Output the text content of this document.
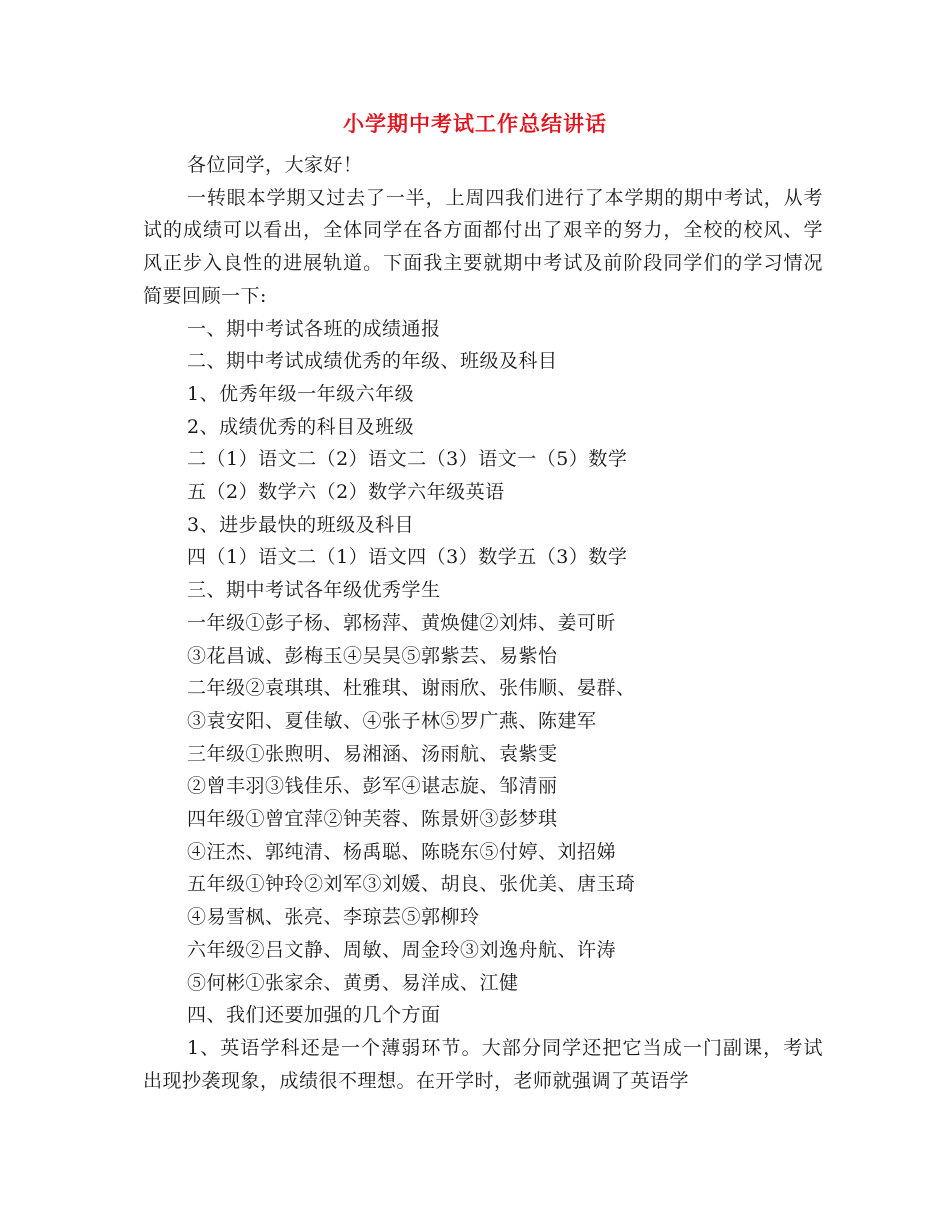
小学期中考试工作总结讲话

各位同学，大家好！

一转眼本学期又过去了一半，上周四我们进行了本学期的期中考试，从考试的成绩可以看出，全体同学在各方面都付出了艰辛的努力，全校的校风、学风正步入良性的进展轨道。下面我主要就期中考试及前阶段同学们的学习情况简要回顾一下:

一、期中考试各班的成绩通报

二、期中考试成绩优秀的年级、班级及科目

1、优秀年级一年级六年级

2、成绩优秀的科目及班级

二（1）语文二（2）语文二（3）语文一（5）数学

五（2）数学六（2）数学六年级英语

3、进步最快的班级及科目

四（1）语文二（1）语文四（3）数学五（3）数学

三、期中考试各年级优秀学生

一年级①彭子杨、郭杨萍、黄焕健②刘炜、姜可昕

③花昌诚、彭梅玉④吴昊⑤郭紫芸、易紫怡

二年级②袁琪琪、杜雅琪、谢雨欣、张伟顺、晏群、

③袁安阳、夏佳敏、④张子林⑤罗广燕、陈建军

三年级①张煦明、易湘涵、汤雨航、袁紫雯

②曾丰羽③钱佳乐、彭军④谌志旋、邹清丽

四年级①曾宜萍②钟芙蓉、陈景妍③彭梦琪

④汪杰、郭纯清、杨禹聪、陈晓东⑤付婷、刘招娣

五年级①钟玲②刘军③刘媛、胡良、张优美、唐玉琦

④易雪枫、张亮、李琼芸⑤郭柳玲

六年级②吕文静、周敏、周金玲③刘逸舟航、许涛

⑤何彬①张家余、黄勇、易洋成、江健

四、我们还要加强的几个方面

1、英语学科还是一个薄弱环节。大部分同学还把它当成一门副课，考试出现抄袭现象，成绩很不理想。在开学时，老师就强调了英语学
